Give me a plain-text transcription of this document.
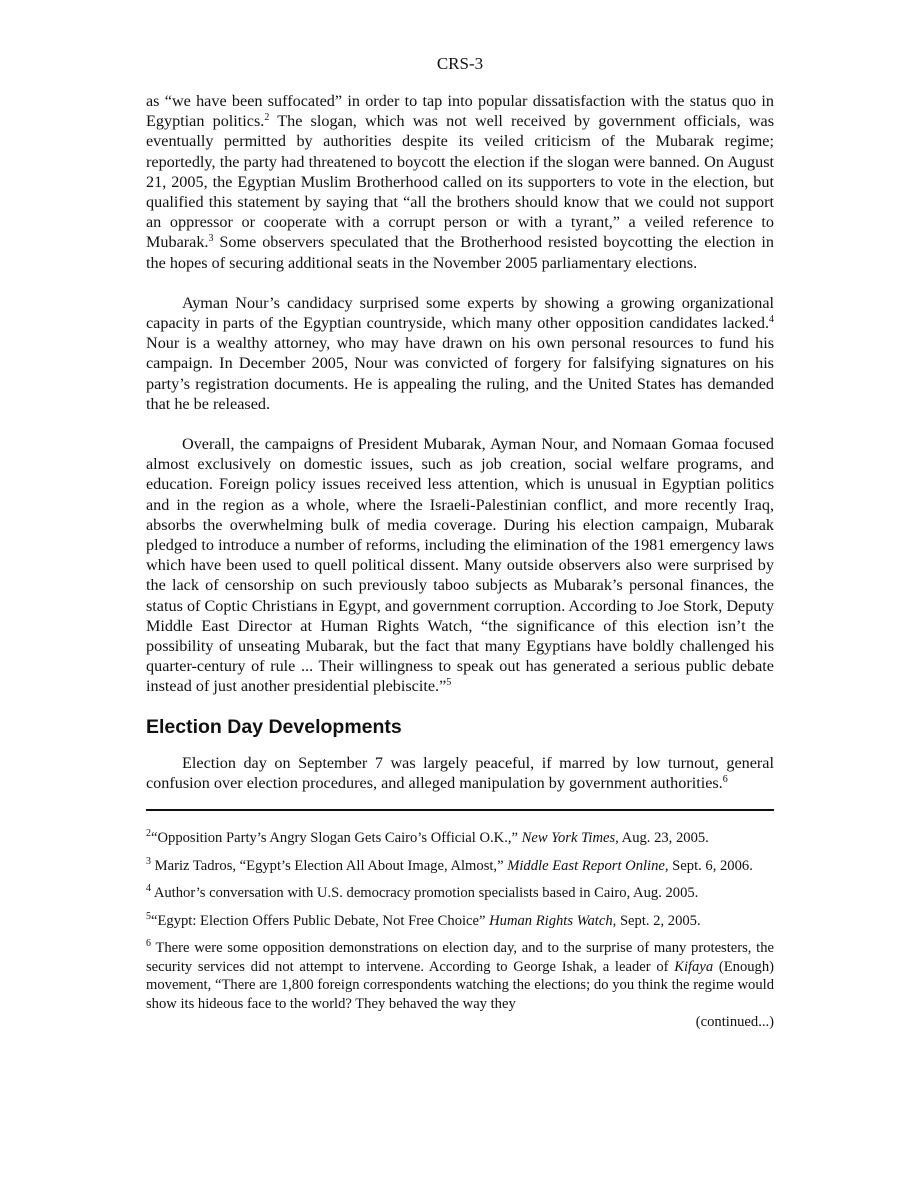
CRS-3

as “we have been suffocated” in order to tap into popular dissatisfaction with the status quo in Egyptian politics.$^2$ The slogan, which was not well received by government officials, was eventually permitted by authorities despite its veiled criticism of the Mubarak regime; reportedly, the party had threatened to boycott the election if the slogan were banned. On August 21, 2005, the Egyptian Muslim Brotherhood called on its supporters to vote in the election, but qualified this statement by saying that “all the brothers should know that we could not support an oppressor or cooperate with a corrupt person or with a tyrant,” a veiled reference to Mubarak.$^3$ Some observers speculated that the Brotherhood resisted boycotting the election in the hopes of securing additional seats in the November 2005 parliamentary elections.

Ayman Nour’s candidacy surprised some experts by showing a growing organizational capacity in parts of the Egyptian countryside, which many other opposition candidates lacked.$^4$ Nour is a wealthy attorney, who may have drawn on his own personal resources to fund his campaign. In December 2005, Nour was convicted of forgery for falsifying signatures on his party’s registration documents. He is appealing the ruling, and the United States has demanded that he be released.

Overall, the campaigns of President Mubarak, Ayman Nour, and Nomaan Gomaa focused almost exclusively on domestic issues, such as job creation, social welfare programs, and education. Foreign policy issues received less attention, which is unusual in Egyptian politics and in the region as a whole, where the Israeli-Palestinian conflict, and more recently Iraq, absorbs the overwhelming bulk of media coverage. During his election campaign, Mubarak pledged to introduce a number of reforms, including the elimination of the 1981 emergency laws which have been used to quell political dissent. Many outside observers also were surprised by the lack of censorship on such previously taboo subjects as Mubarak’s personal finances, the status of Coptic Christians in Egypt, and government corruption. According to Joe Stork, Deputy Middle East Director at Human Rights Watch, “the significance of this election isn’t the possibility of unseating Mubarak, but the fact that many Egyptians have boldly challenged his quarter-century of rule ... Their willingness to speak out has generated a serious public debate instead of just another presidential plebiscite.”$^5$

Election Day Developments

Election day on September 7 was largely peaceful, if marred by low turnout, general confusion over election procedures, and alleged manipulation by government authorities.$^6$

$^2$“Opposition Party’s Angry Slogan Gets Cairo’s Official O.K.,” New York Times, Aug. 23, 2005.

$^3$ Mariz Tadros, “Egypt’s Election All About Image, Almost,” Middle East Report Online, Sept. 6, 2006.

$^4$ Author’s conversation with U.S. democracy promotion specialists based in Cairo, Aug. 2005.

$^5$“Egypt: Election Offers Public Debate, Not Free Choice” Human Rights Watch, Sept. 2, 2005.

$^6$ There were some opposition demonstrations on election day, and to the surprise of many protesters, the security services did not attempt to intervene. According to George Ishak, a leader of Kifaya (Enough) movement, “There are 1,800 foreign correspondents watching the elections; do you think the regime would show its hideous face to the world? They behaved the way they

(continued...)
